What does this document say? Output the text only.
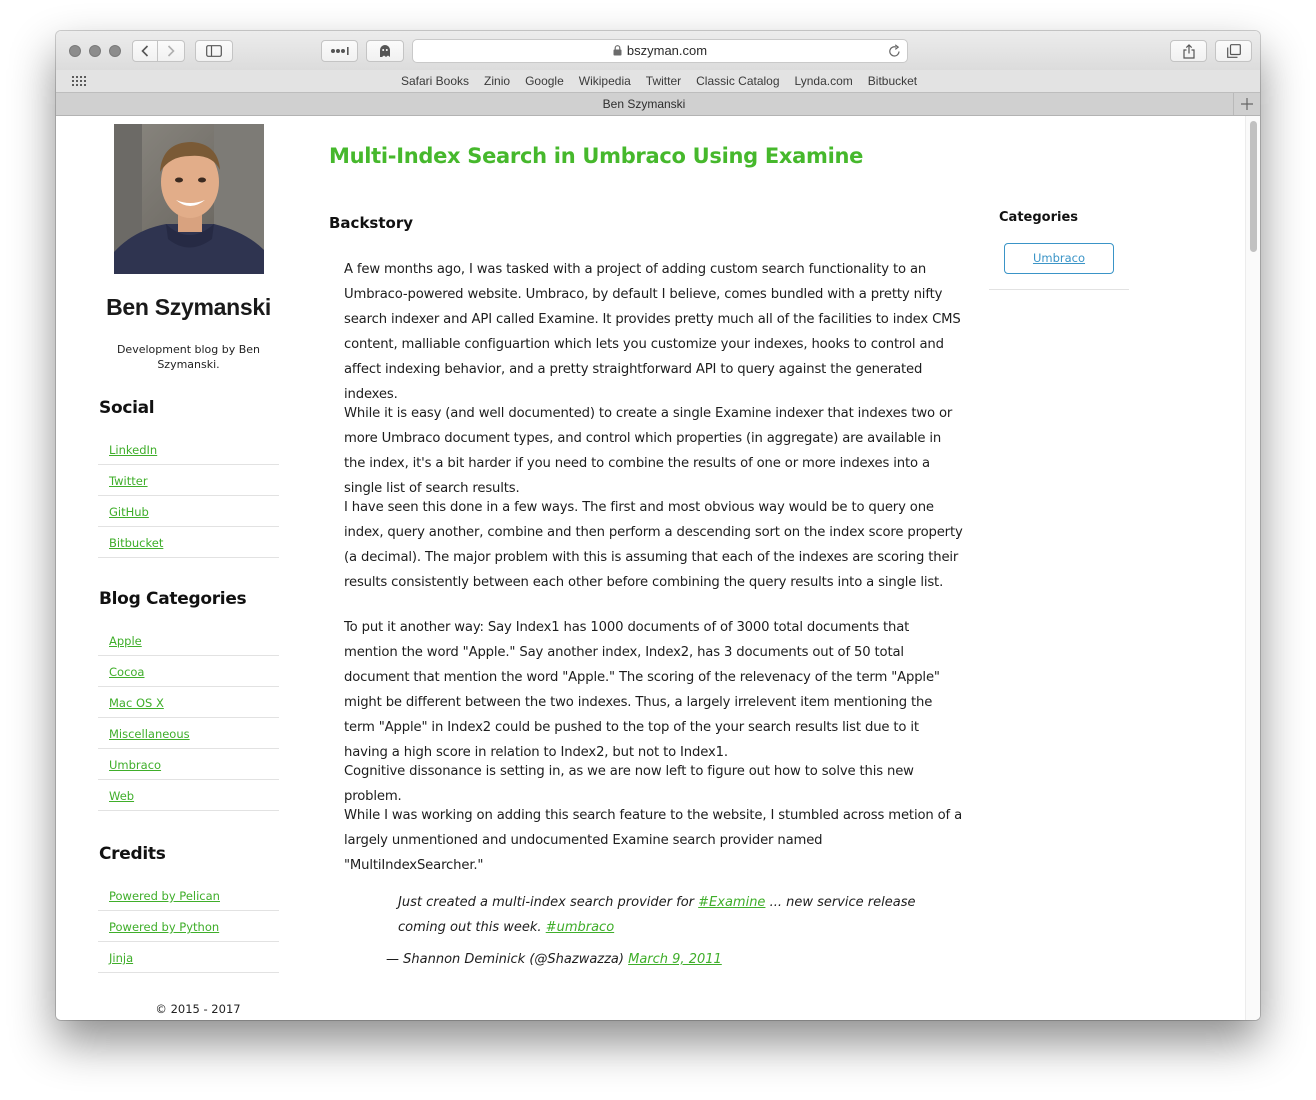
bszyman.com
Safari Books Zinio Google Wikipedia Twitter Classic Catalog Lynda.com Bitbucket
Ben Szymanski
Ben Szymanski
Development blog by Ben Szymanski.
Social
LinkedIn
Twitter
GitHub
Bitbucket
Blog Categories
Apple
Cocoa
Mac OS X
Miscellaneous
Umbraco
Web
Credits
Powered by Pelican
Powered by Python
Jinja
© 2015 - 2017
Multi-Index Search in Umbraco Using Examine
Backstory

A few months ago, I was tasked with a project of adding custom search functionality to an Umbraco-powered website. Umbraco, by default I believe, comes bundled with a pretty nifty search indexer and API called Examine. It provides pretty much all of the facilities to index CMS content, malliable configuartion which lets you customize your indexes, hooks to control and affect indexing behavior, and a pretty straightforward API to query against the generated indexes.

While it is easy (and well documented) to create a single Examine indexer that indexes two or more Umbraco document types, and control which properties (in aggregate) are available in the index, it's a bit harder if you need to combine the results of one or more indexes into a single list of search results.

I have seen this done in a few ways. The first and most obvious way would be to query one index, query another, combine and then perform a descending sort on the index score property (a decimal). The major problem with this is assuming that each of the indexes are scoring their results consistently between each other before combining the query results into a single list.

To put it another way: Say Index1 has 1000 documents of of 3000 total documents that mention the word "Apple." Say another index, Index2, has 3 documents out of 50 total document that mention the word "Apple." The scoring of the relevenacy of the term "Apple" might be different between the two indexes. Thus, a largely irrelevent item mentioning the term "Apple" in Index2 could be pushed to the top of the your search results list due to it having a high score in relation to Index2, but not to Index1.

Cognitive dissonance is setting in, as we are now left to figure out how to solve this new problem.

While I was working on adding this search feature to the website, I stumbled across metion of a largely unmentioned and undocumented Examine search provider named "MultiIndexSearcher."

Just created a multi-index search provider for #Examine ... new service release coming out this week. #umbraco
— Shannon Deminick (@Shazwazza) March 9, 2011
Categories
Umbraco
